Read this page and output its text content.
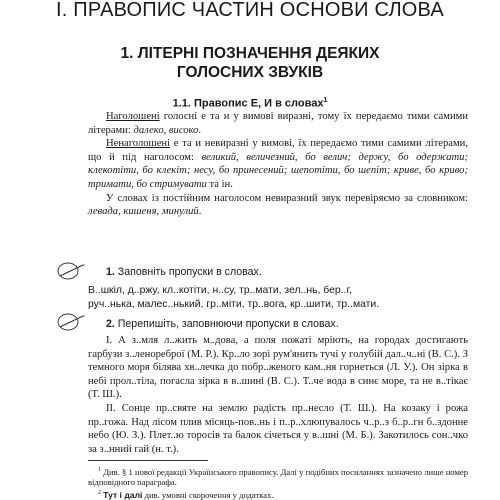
І. ПРАВОПИС ЧАСТИН ОСНОВИ СЛОВА
1. ЛІТЕРНІ ПОЗНАЧЕННЯ ДЕЯКИХ
ГОЛОСНИХ ЗВУКІВ
1.1. Правопис Е, И в словах$^1$

Наголошені голосні е та и у вимові виразні, тому їх передаємо тими самими літерами: далеко, високо.

Ненаголошені е та и невиразні у вимові, їх передаємо тими самими літерами, що й під наголосом: великий, величезний, бо велич; держу, бо одержати; клекотіти, бо клекіт; несу, бо принесений; шепотіти, бо шепіт; криве, бо криво; тримати, бо стримувати та ін.

У словах із постійним наголосом невиразний звук перевіряємо за словником: левада, кишеня, минулий.

1. Заповніть пропуски в словах.
В..шкіл, д..ржу, кл..котіти, н..су, тр..мати, зел..нь, бер..г,
руч..нька, малес..нький, гр..міти, тр..вога, кр..шити, тр..мати.
2. Перепишіть, заповнюючи пропуски в словах.

І. А з..мля л..жить м..дова, а поля пожаті мріють, на городах достигають гарбузи з..ленореброї (М. Р.). Кр..ло зорі рум'янить тучі у голубій дал..ч..ні (В. С.). З темного моря білява хв..лечка до побр..женого кам..ня горнеться (Л. У.). Он зірка в небі прол..тіла, погасла зірка в в..шині (В. С.). Т..че вода в синє море, та не в..тікає (Т. Ш.).

ІІ. Сонце пр..святе на землю радість пр..несло (Т. Ш.). На козаку і рожа пр..гожа. Над лісом плив місяць-пов..нь і п..р..хлюпувалось ч..р..з б..р..гн б..здонне небо (Ю. З.). Плет..ю торосів та балок січеться у в..шні (М. Б.). Закотилось сон..чко за з..нний гай (н. т.).

$^1$ Див. § 1 нової редакції Українського правопису. Далі у подібних посиланнях зазначено лише номер відповідного параграфа.

$^2$ Тут і далі див. умовні скорочення у додатках.
